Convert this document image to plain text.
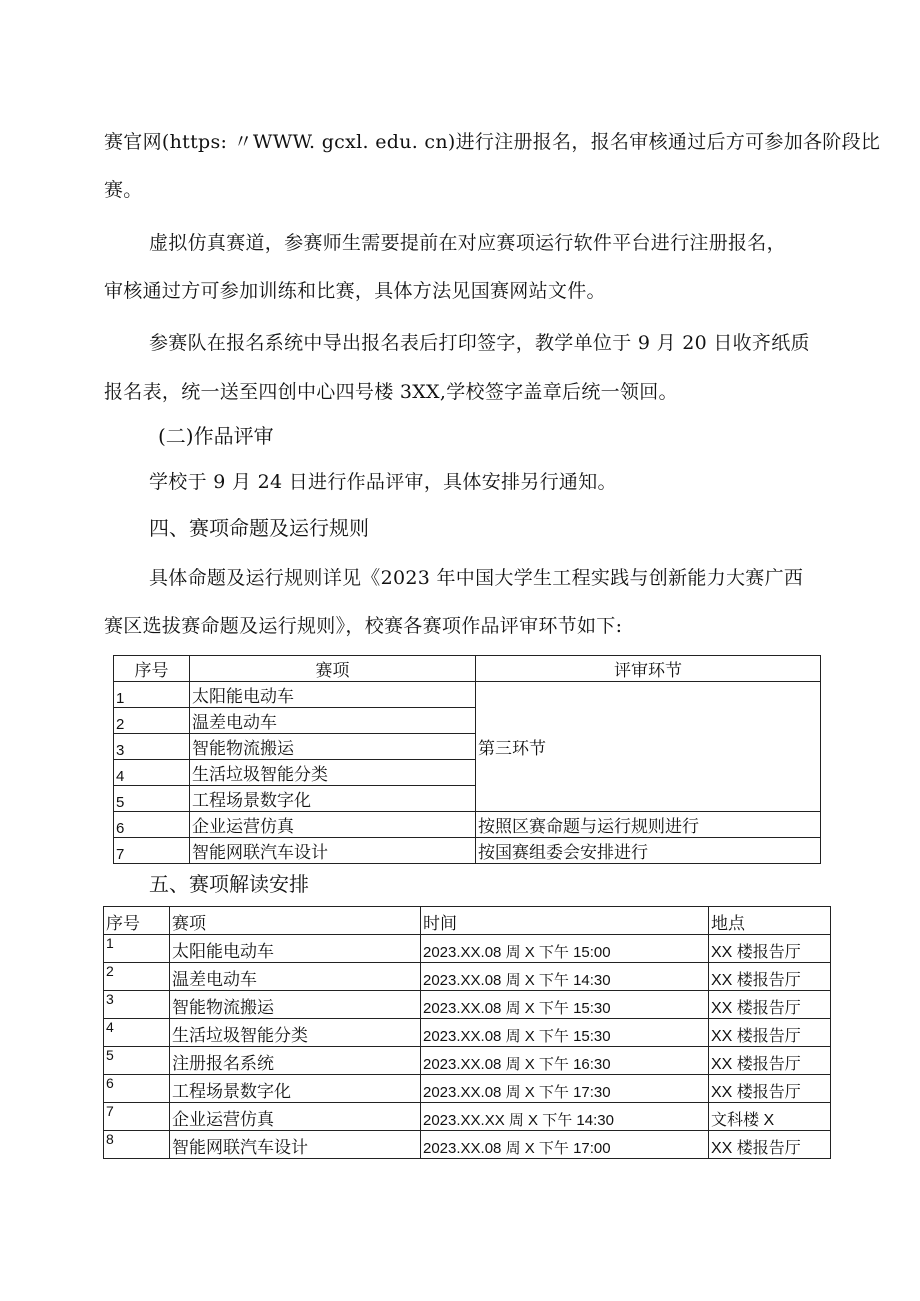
赛官网(https: 〃WWW. gcxl. edu. cn)进行注册报名，报名审核通过后方可参加各阶段比
赛。
虚拟仿真赛道，参赛师生需要提前在对应赛项运行软件平台进行注册报名，
审核通过方可参加训练和比赛，具体方法见国赛网站文件。
参赛队在报名系统中导出报名表后打印签字，教学单位于 9 月 20 日收齐纸质
报名表，统一送至四创中心四号楼 3XX,学校签字盖章后统一领回。
(二)作品评审
学校于 9 月 24 日进行作品评审，具体安排另行通知。
四、赛项命题及运行规则
具体命题及运行规则详见《2023 年中国大学生工程实践与创新能力大赛广西
赛区选拔赛命题及运行规则》，校赛各赛项作品评审环节如下:
序号	赛项	评审环节
1	太阳能电动车	第三环节
2	温差电动车	
3	智能物流搬运	
4	生活垃圾智能分类	
5	工程场景数字化	
6	企业运营仿真	按照区赛命题与运行规则进行
7	智能网联汽车设计	按国赛组委会安排进行
五、赛项解读安排
序号	赛项	时间	地点
1	太阳能电动车	2023.XX.08 周 X 下午 15:00	XX 楼报告厅
2	温差电动车	2023.XX.08 周 X 下午 14:30	XX 楼报告厅
3	智能物流搬运	2023.XX.08 周 X 下午 15:30	XX 楼报告厅
4	生活垃圾智能分类	2023.XX.08 周 X 下午 15:30	XX 楼报告厅
5	注册报名系统	2023.XX.08 周 X 下午 16:30	XX 楼报告厅
6	工程场景数字化	2023.XX.08 周 X 下午 17:30	XX 楼报告厅
7	企业运营仿真	2023.XX.XX 周 X 下午 14:30	文科楼 X
8	智能网联汽车设计	2023.XX.08 周 X 下午 17:00	XX 楼报告厅
